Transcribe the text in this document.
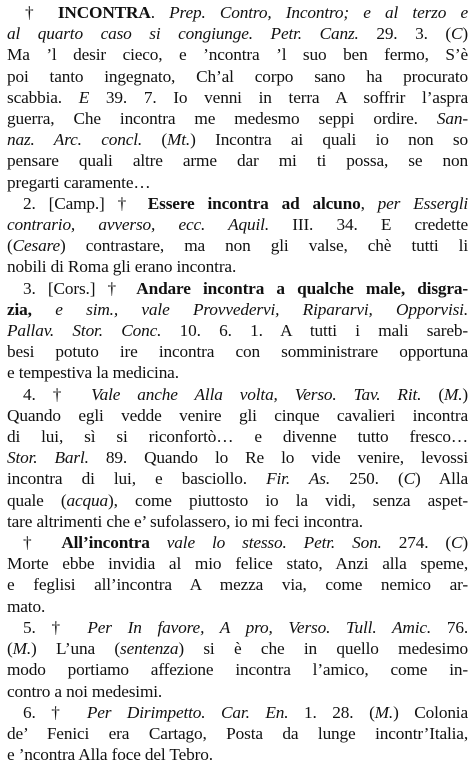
† INCONTRA. Prep. Contro, Incontro; e al terzo e
al quarto caso si congiunge. Petr. Canz. 29. 3. (C)
Ma ’l desir cieco, e ’ncontra ’l suo ben fermo, S’è
poi tanto ingegnato, Ch’al corpo sano ha procurato
scabbia. E 39. 7. Io venni in terra A soffrir l’aspra
guerra, Che incontra me medesmo seppi ordire. San-
naz. Arc. concl. (Mt.) Incontra ai quali io non so
pensare quali altre arme dar mi ti possa, se non
pregarti caramente…
2. [Camp.] † Essere incontra ad alcuno, per Essergli
contrario, avverso, ecc. Aquil. III. 34. E credette
(Cesare) contrastare, ma non gli valse, chè tutti li
nobili di Roma gli erano incontra.
3. [Cors.] † Andare incontra a qualche male, disgra-
zia, e sim., vale Provvedervi, Ripararvi, Opporvisi.
Pallav. Stor. Conc. 10. 6. 1. A tutti i mali sareb-
besi potuto ire incontra con somministrare opportuna
e tempestiva la medicina.
4. † Vale anche Alla volta, Verso. Tav. Rit. (M.)
Quando egli vedde venire gli cinque cavalieri incontra
di lui, sì si riconfortò… e divenne tutto fresco…
Stor. Barl. 89. Quando lo Re lo vide venire, levossi
incontra di lui, e basciollo. Fir. As. 250. (C) Alla
quale (acqua), come piuttosto io la vidi, senza aspet-
tare altrimenti che e’ sufolassero, io mi feci incontra.
† All’incontra vale lo stesso. Petr. Son. 274. (C)
Morte ebbe invidia al mio felice stato, Anzi alla speme,
e feglisi all’incontra A mezza via, come nemico ar-
mato.
5. † Per In favore, A pro, Verso. Tull. Amic. 76.
(M.) L’una (sentenza) si è che in quello medesimo
modo portiamo affezione incontra l’amico, come in-
contro a noi medesimi.
6. † Per Dirimpetto. Car. En. 1. 28. (M.) Colonia
de’ Fenici era Cartago, Posta da lunge incontr’Italia,
e ’ncontra Alla foce del Tebro.
